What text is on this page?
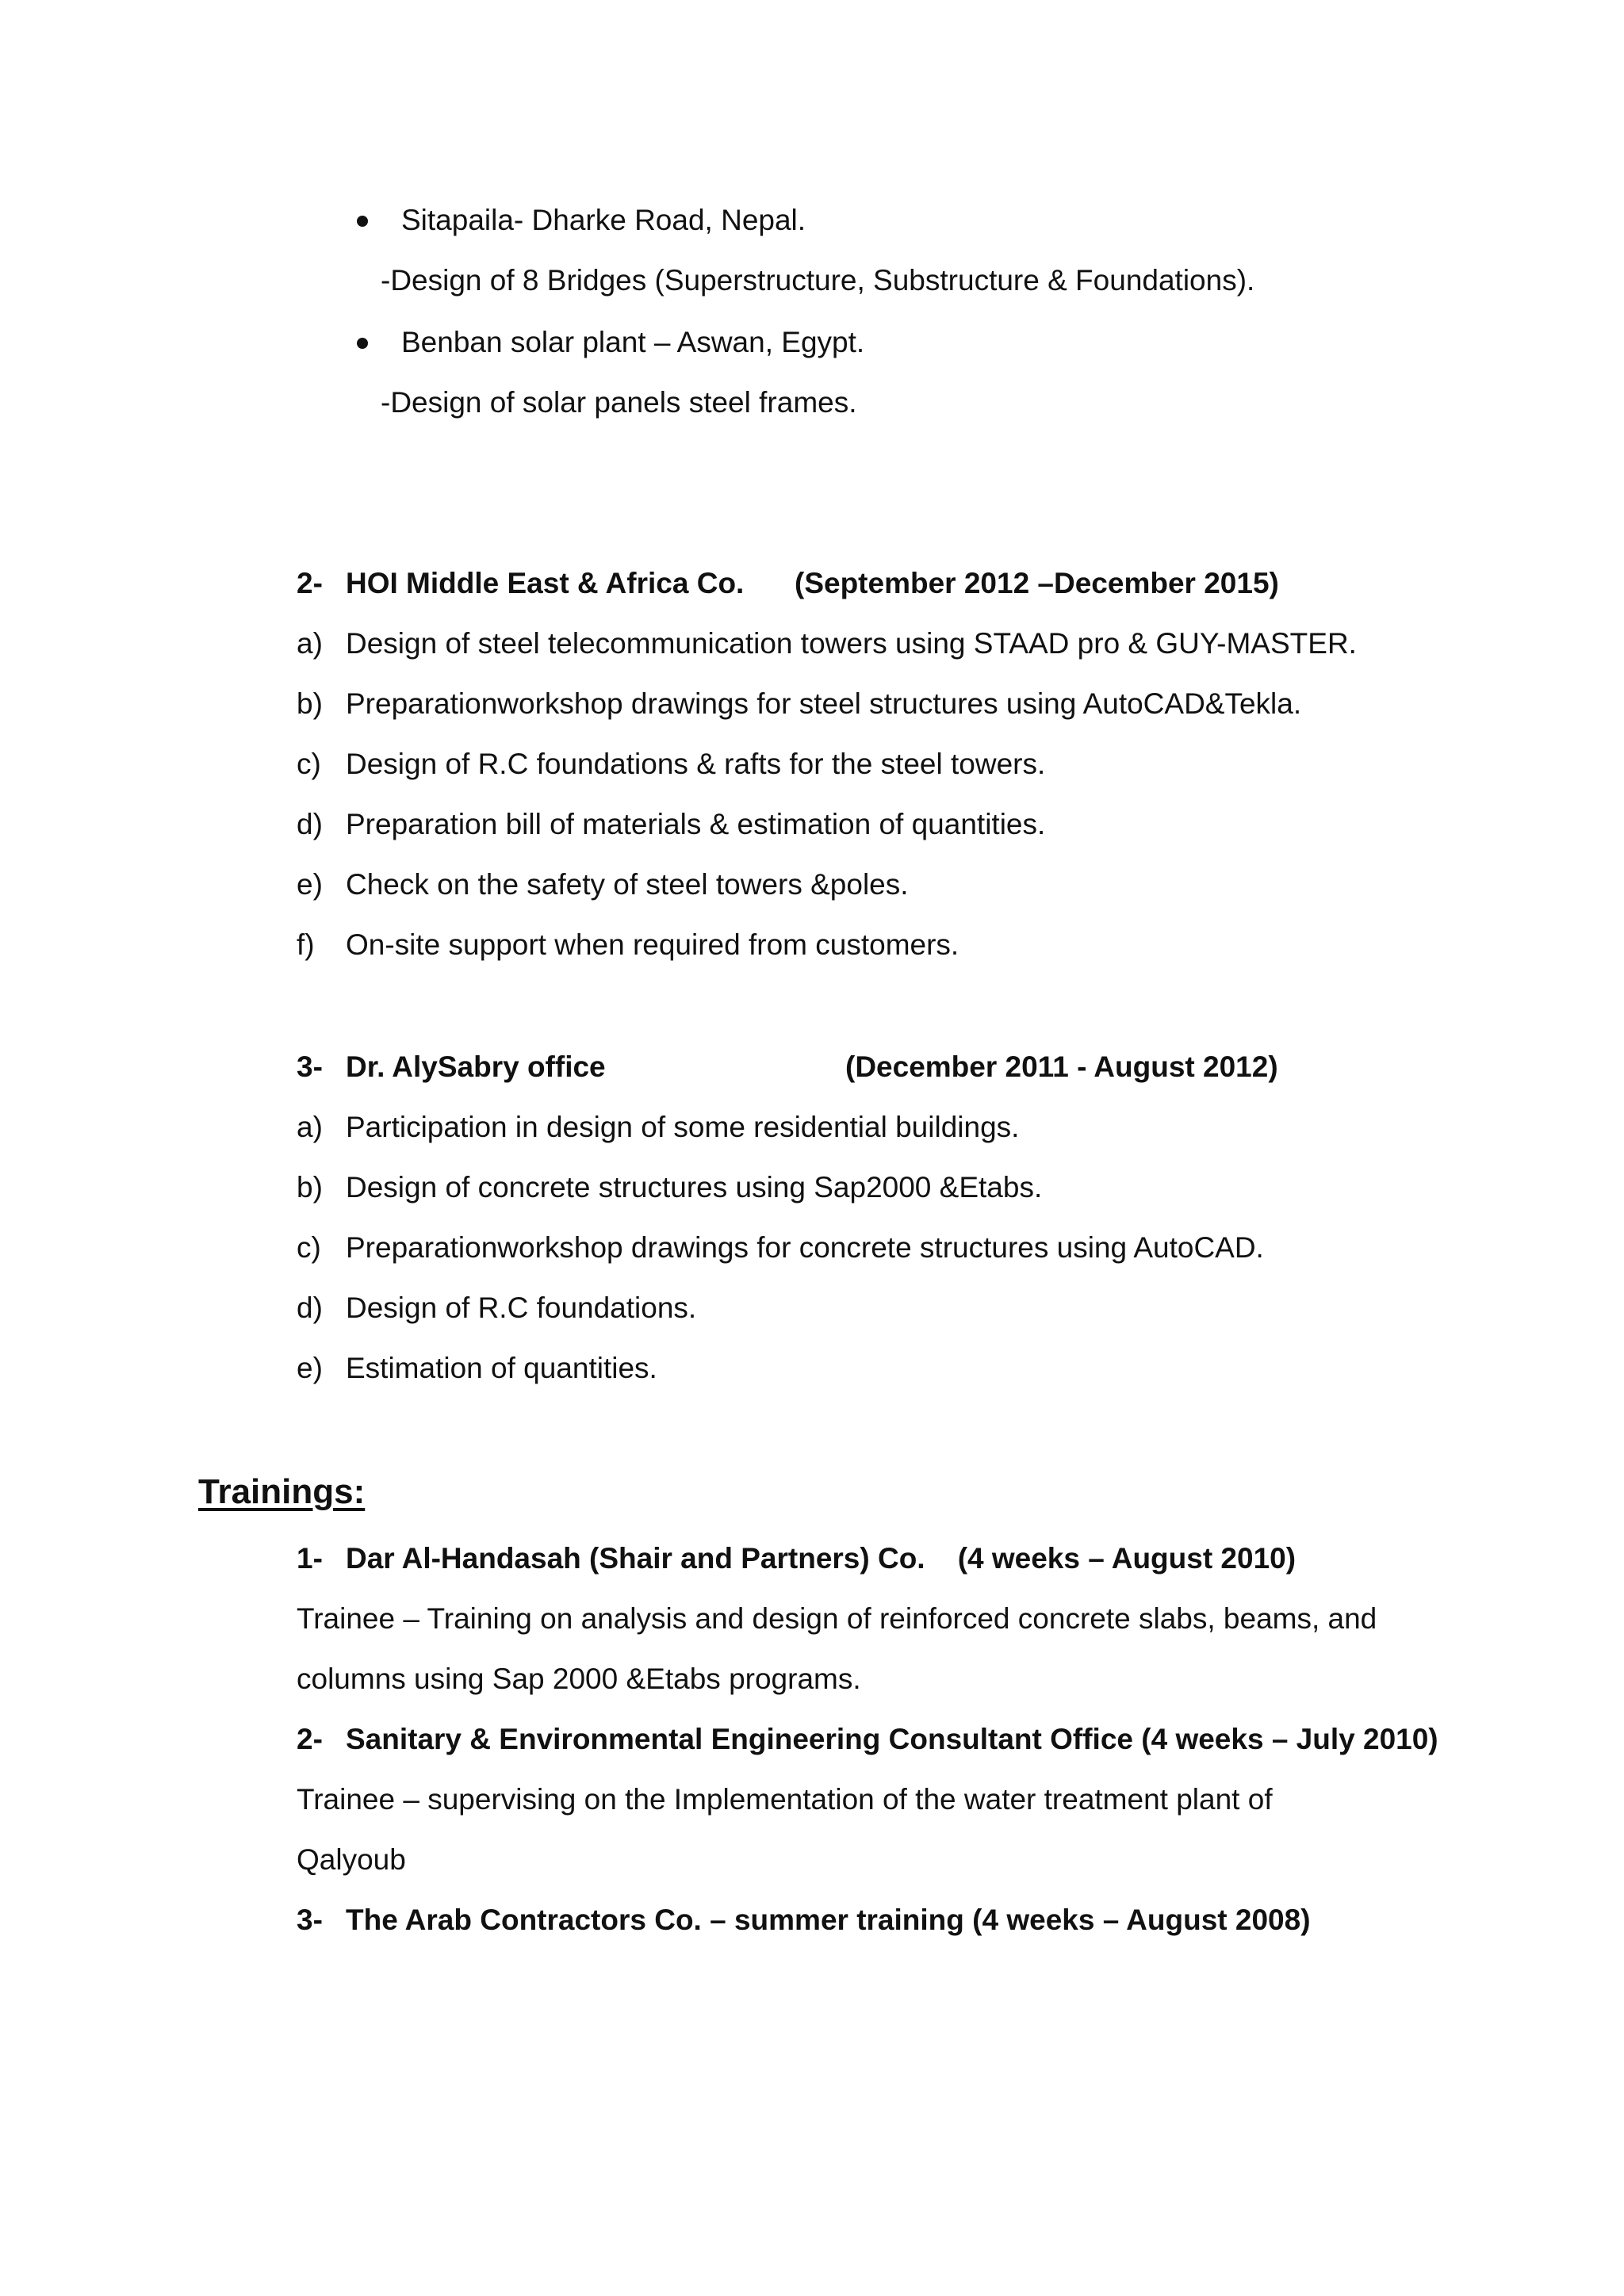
Sitapaila- Dharke Road, Nepal.
-Design of 8 Bridges (Superstructure, Substructure & Foundations).
Benban solar plant – Aswan, Egypt.
-Design of solar panels steel frames.
2- HOI Middle East & Africa Co. (September 2012 –December 2015)
a) Design of steel telecommunication towers using STAAD pro & GUY-MASTER.
b) Preparationworkshop drawings for steel structures using AutoCAD&Tekla.
c) Design of R.C foundations & rafts for the steel towers.
d) Preparation bill of materials & estimation of quantities.
e) Check on the safety of steel towers &poles.
f) On-site support when required from customers.
3- Dr. AlySabry office	(December 2011 - August 2012)
a) Participation in design of some residential buildings.
b) Design of concrete structures using Sap2000 &Etabs.
c) Preparationworkshop drawings for concrete structures using AutoCAD.
d) Design of R.C foundations.
e) Estimation of quantities.
Trainings:
1- Dar Al-Handasah (Shair and Partners) Co.    (4 weeks – August 2010)
Trainee – Training on analysis and design of reinforced concrete slabs, beams, and
columns using Sap 2000 &Etabs programs.
2- Sanitary & Environmental Engineering Consultant Office (4 weeks – July 2010)
Trainee – supervising on the Implementation of the water treatment plant of
Qalyoub
3- The Arab Contractors Co. – summer training (4 weeks – August 2008)
